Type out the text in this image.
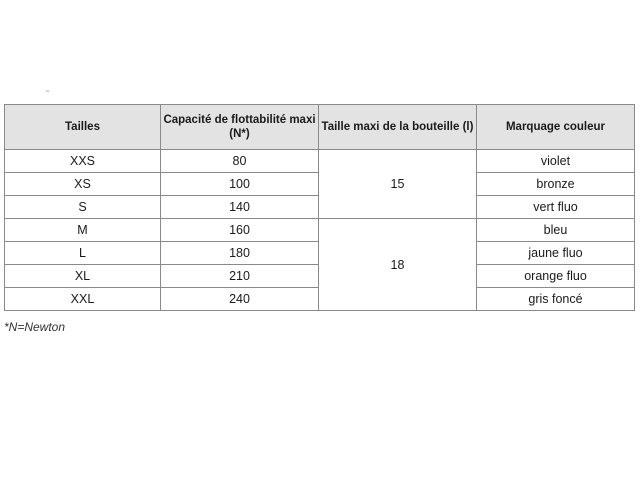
˜
Tailles	Capacité de flottabilité maxi (N*)	Taille maxi de la bouteille (l)	Marquage couleur
XXS	80	15	violet
XS	100		bronze
S	140		vert fluo
M	160	18	bleu
L	180		jaune fluo
XL	210		orange fluo
XXL	240		gris foncé
*N=Newton
